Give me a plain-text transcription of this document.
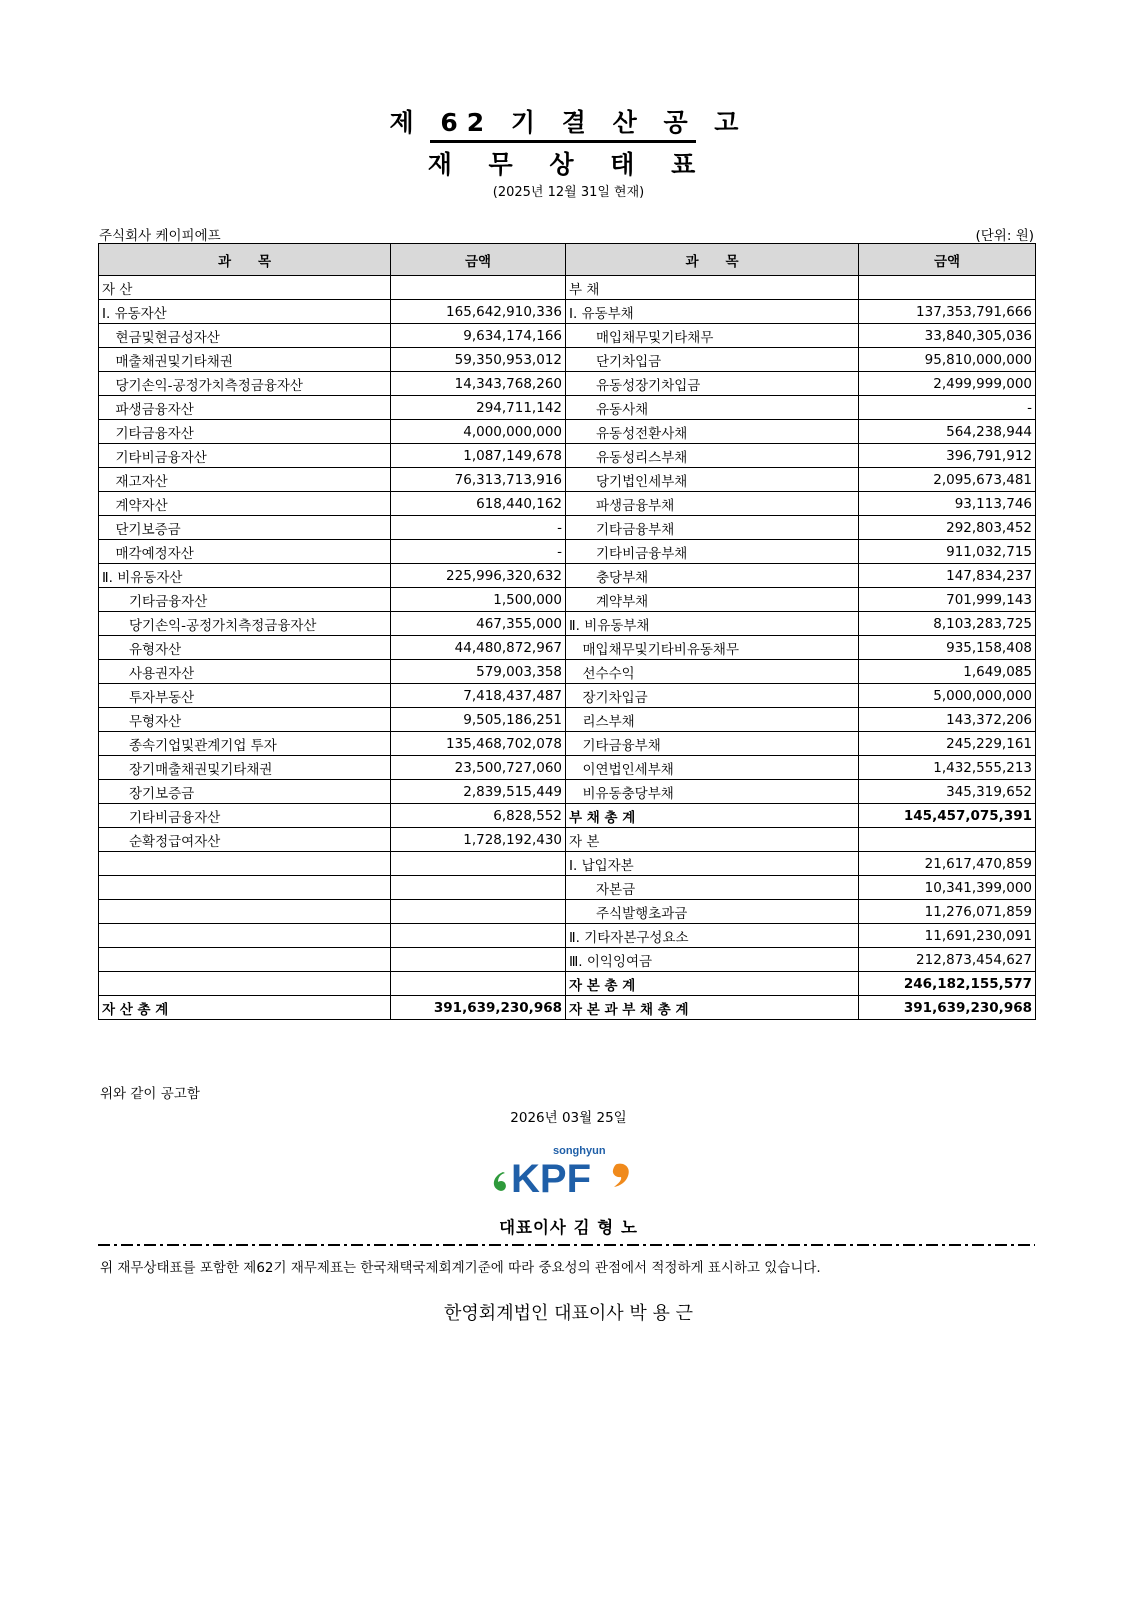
제 62 기 결 산 공 고
재 무 상 태 표
(2025년 12월 31일 현재)
주식회사 케이피에프	(단위: 원)
과　　목	금액	과　　목	금액
자 산		부 채	
Ⅰ. 유동자산	165,642,910,336	Ⅰ. 유동부채	137,353,791,666
　현금및현금성자산	9,634,174,166	　　매입채무및기타채무	33,840,305,036
　매출채권및기타채권	59,350,953,012	　　단기차입금	95,810,000,000
　당기손익-공정가치측정금융자산	14,343,768,260	　　유동성장기차입금	2,499,999,000
　파생금융자산	294,711,142	　　유동사채	-
　기타금융자산	4,000,000,000	　　유동성전환사채	564,238,944
　기타비금융자산	1,087,149,678	　　유동성리스부채	396,791,912
　재고자산	76,313,713,916	　　당기법인세부채	2,095,673,481
　계약자산	618,440,162	　　파생금융부채	93,113,746
　단기보증금	-	　　기타금융부채	292,803,452
　매각예정자산	-	　　기타비금융부채	911,032,715
Ⅱ. 비유동자산	225,996,320,632	　　충당부채	147,834,237
　　기타금융자산	1,500,000	　　계약부채	701,999,143
　　당기손익-공정가치측정금융자산	467,355,000	Ⅱ. 비유동부채	8,103,283,725
　　유형자산	44,480,872,967	　매입채무및기타비유동채무	935,158,408
　　사용권자산	579,003,358	　선수수익	1,649,085
　　투자부동산	7,418,437,487	　장기차입금	5,000,000,000
　　무형자산	9,505,186,251	　리스부채	143,372,206
　　종속기업및관계기업 투자	135,468,702,078	　기타금융부채	245,229,161
　　장기매출채권및기타채권	23,500,727,060	　이연법인세부채	1,432,555,213
　　장기보증금	2,839,515,449	　비유동충당부채	345,319,652
　　기타비금융자산	6,828,552	부 채 총 계	145,457,075,391
　　순확정급여자산	1,728,192,430	자 본	
		Ⅰ. 납입자본	21,617,470,859
		　　자본금	10,341,399,000
		　　주식발행초과금	11,276,071,859
		Ⅱ. 기타자본구성요소	11,691,230,091
		Ⅲ. 이익잉여금	212,873,454,627
		자 본 총 계	246,182,155,577
자 산 총 계	391,639,230,968	자 본 과 부 채 총 계	391,639,230,968
위와 같이 공고함
2026년 03월 25일
songhyun
KPF
대표이사 김 형 노
위 재무상태표를 포함한 제62기 재무제표는 한국채택국제회계기준에 따라 중요성의 관점에서 적정하게 표시하고 있습니다.
한영회계법인 대표이사 박 용 근
